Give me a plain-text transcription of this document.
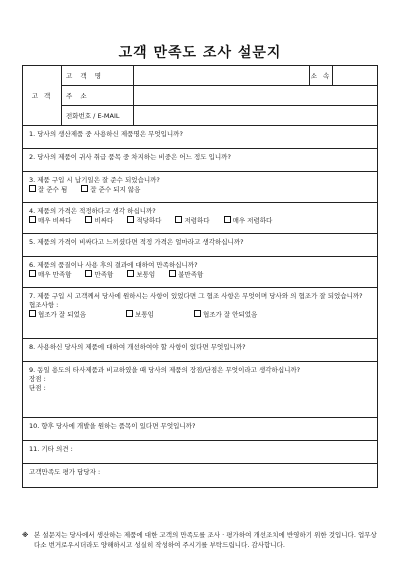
고객 만족도 조사 설문지
고 객
고 객 명	소 속
주 소
전화번호 / E-MAIL
1. 당사의 생산제품 중 사용하신 제품명은 무엇입니까?
2. 당사의 제품이 귀사 취급 품목 중 차지하는 비중은 어느 정도 입니까?
3. 제품 구입 시 납기일은 잘 준수 되었습니까?
잘 준수 됨	잘 준수 되지 않음
4. 제품의 가격은 적정하다고 생각 하십니까?
매우 비싸다	비싸다	적당하다	저렴하다	매우 저렴하다
5. 제품의 가격이 비싸다고 느끼셨다면 적정 가격은 얼마라고 생각하십니까?
6. 제품의 품질이나 사용 후의 결과에 대하여 만족하십니까?
매우 만족함	만족함	보통임	불만족함
7. 제품 구입 시 고객께서 당사에 원하시는 사항이 있었다면 그 협조 사항은 무엇이며 당사와 의 협조가 잘 되었습니까?
협조사항 :
협조가 잘 되었음	보통임	협조가 잘 안되었음
8. 사용하신 당사의 제품에 대하여 개선하여야 할 사항이 있다면 무엇입니까?
9. 동일 용도의 타사제품과 비교하였을 때 당사의 제품의 장점/단점은 무엇이라고 생각하십니까?
장점 :
단점 :
10. 향후 당사에 개발을 원하는 품목이 있다면 무엇입니까?
11. 기타 의견 :
고객만족도 평가 담당자 :
※ 본 설문지는 당사에서 생산하는 제품에 대한 고객의 만족도를 조사 · 평가하여 개선조치에 반영하기 위한 것입니다. 업무상 다소 번거로우시더라도 양해하시고 성실히 작성하여 주시기를 부탁드립니다. 감사합니다.
